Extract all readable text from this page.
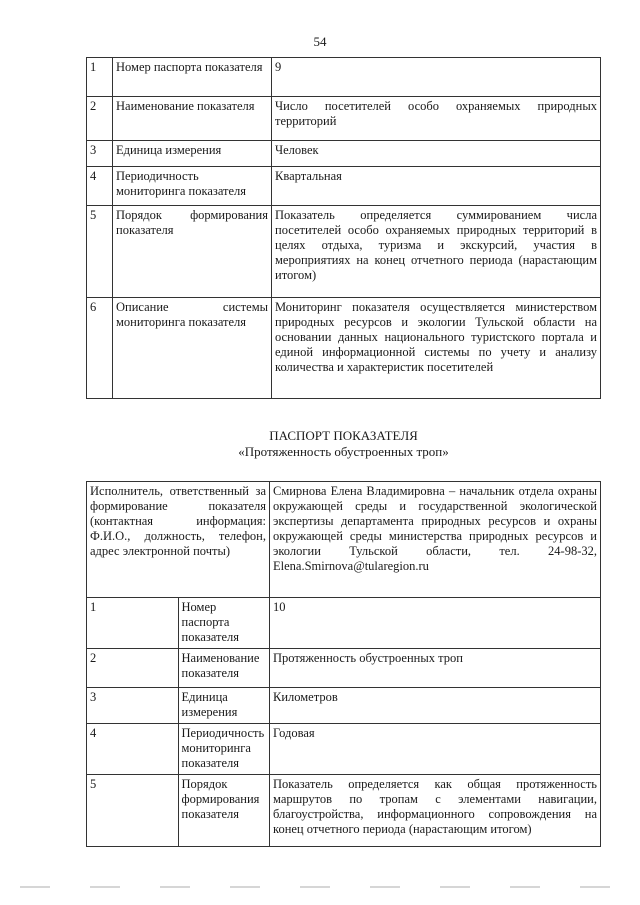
54
1	Номер паспорта показателя	9
2	Наименование показателя	Число посетителей особо охраняемых природных территорий
3	Единица измерения	Человек
4	Периодичность мониторинга показателя	Квартальная
5	Порядок формирования показателя	Показатель определяется суммированием числа посетителей особо охраняемых природных территорий в целях отдыха, туризма и экскурсий, участия в мероприятиях на конец отчетного периода (нарастающим итогом)
6	Описание системы мониторинга показателя	Мониторинг показателя осуществляется министерством природных ресурсов и экологии Тульской области на основании данных национального туристского портала и единой информационной системы по учету и анализу количества и характеристик посетителей
ПАСПОРТ ПОКАЗАТЕЛЯ
«Протяженность обустроенных троп»
Исполнитель, ответственный за формирование показателя (контактная информация: Ф.И.О., должность, телефон, адрес электронной почты)		Смирнова Елена Владимировна – начальник отдела охраны окружающей среды и государственной экологической экспертизы департамента природных ресурсов и охраны окружающей среды министерства природных ресурсов и экологии Тульской области, тел. 24-98-32, Elena.Smirnova@tularegion.ru
1	Номер паспорта показателя	10
2	Наименование показателя	Протяженность обустроенных троп
3	Единица измерения	Километров
4	Периодичность мониторинга показателя	Годовая
5	Порядок формирования показателя	Показатель определяется как общая протяженность маршрутов по тропам с элементами навигации, благоустройства, информационного сопровождения на конец отчетного периода (нарастающим итогом)
